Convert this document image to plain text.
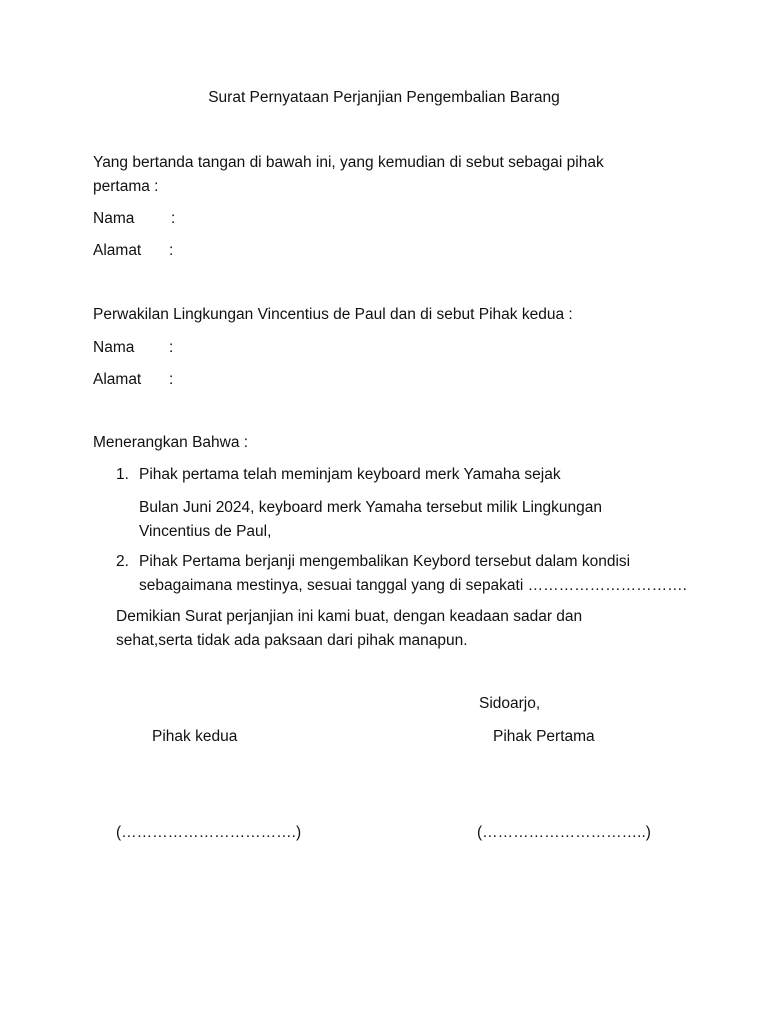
Surat Pernyataan Perjanjian Pengembalian Barang
Yang bertanda tangan di bawah ini, yang kemudian di sebut sebagai pihak
pertama :
Nama :
Alamat :
Perwakilan Lingkungan Vincentius de Paul dan di sebut Pihak kedua :
Nama :
Alamat :
Menerangkan Bahwa :
1. Pihak pertama telah meminjam keyboard merk Yamaha sejak
Bulan Juni 2024, keyboard merk Yamaha tersebut milik Lingkungan
Vincentius de Paul,
2. Pihak Pertama berjanji mengembalikan Keybord tersebut dalam kondisi
sebagaimana mestinya, sesuai tanggal yang di sepakati ………………………….
Demikian Surat perjanjian ini kami buat, dengan keadaan sadar dan
sehat,serta tidak ada paksaan dari pihak manapun.
Sidoarjo,
Pihak kedua	Pihak Pertama
(…………………………….)	(…………………………..)
